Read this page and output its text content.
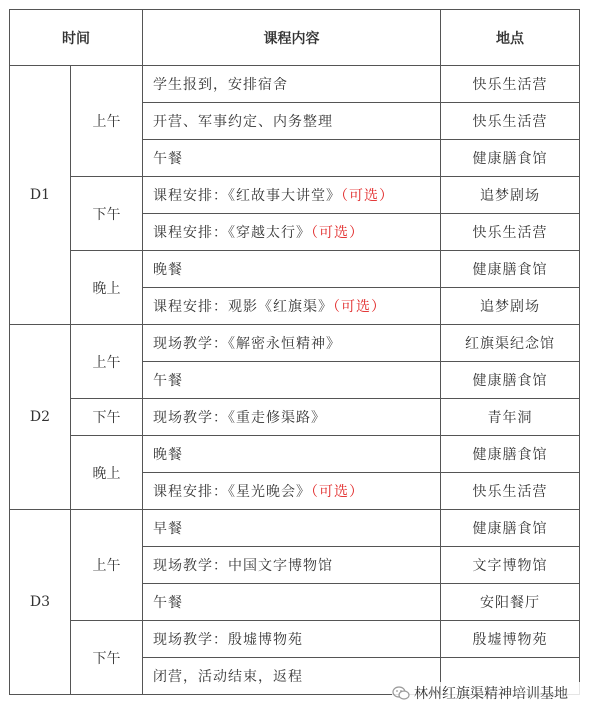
时间		课程内容	地点
D1	上午	学生报到，安排宿舍	快乐生活营
		开营、军事约定、内务整理	快乐生活营
		午餐	健康膳食馆
	下午	课程安排：《红故事大讲堂》（可选）	追梦剧场
		课程安排：《穿越太行》（可选）	快乐生活营
	晚上	晚餐	健康膳食馆
		课程安排：观影《红旗渠》（可选）	追梦剧场
D2	上午	现场教学：《解密永恒精神》	红旗渠纪念馆
		午餐	健康膳食馆
	下午	现场教学：《重走修渠路》	青年洞
	晚上	晚餐	健康膳食馆
		课程安排：《星光晚会》（可选）	快乐生活营
D3	上午	早餐	健康膳食馆
		现场教学：中国文字博物馆	文字博物馆
		午餐	安阳餐厅
	下午	现场教学：殷墟博物苑	殷墟博物苑
		闭营，活动结束，返程	
林州红旗渠精神培训基地
